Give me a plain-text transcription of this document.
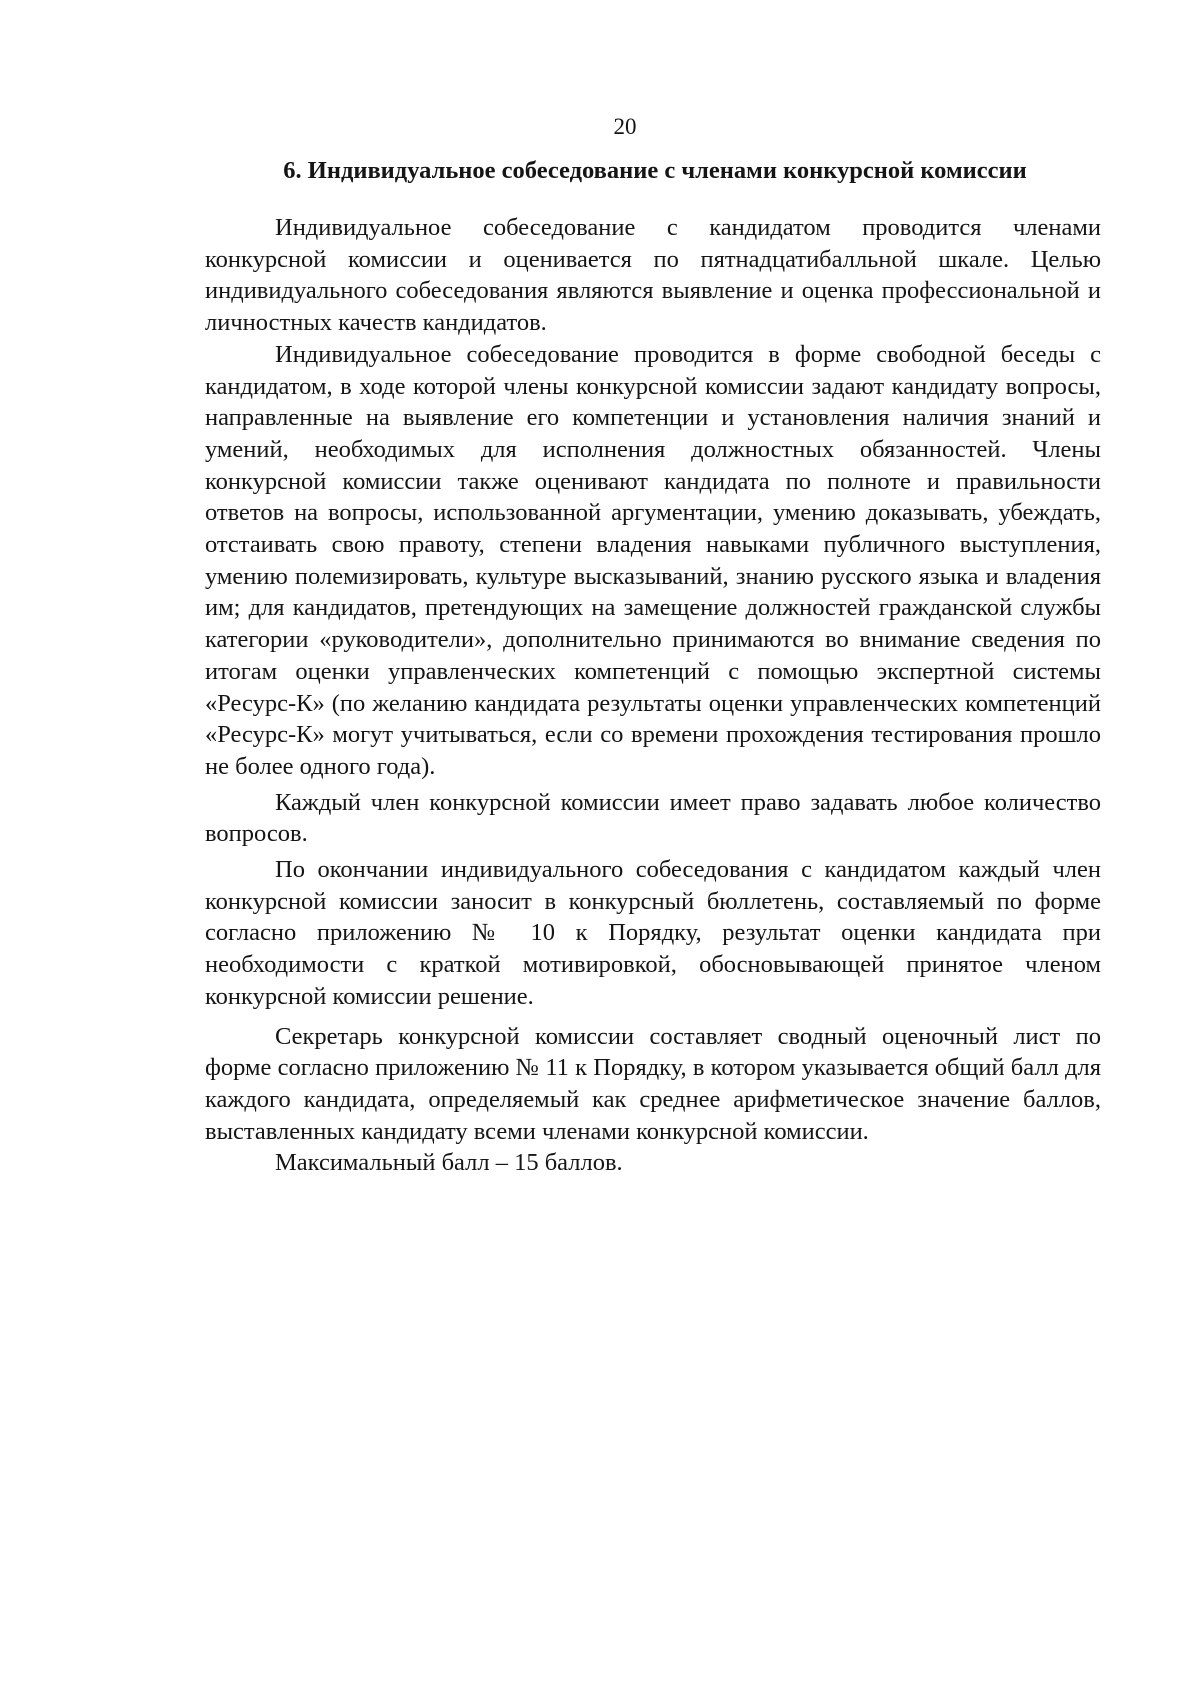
20
6. Индивидуальное собеседование с членами конкурсной комиссии

Индивидуальное собеседование с кандидатом проводится членами конкурсной комиссии и оценивается по пятнадцатибалльной шкале. Целью индивидуального собеседования являются выявление и оценка профессиональной и личностных качеств кандидатов.

Индивидуальное собеседование проводится в форме свободной беседы с кандидатом, в ходе которой члены конкурсной комиссии задают кандидату вопросы, направленные на выявление его компетенции и установления наличия знаний и умений, необходимых для исполнения должностных обязанностей. Члены конкурсной комиссии также оценивают кандидата по полноте и правильности ответов на вопросы, использованной аргументации, умению доказывать, убеждать, отстаивать свою правоту, степени владения навыками публичного выступления, умению полемизировать, культуре высказываний, знанию русского языка и владения им; для кандидатов, претендующих на замещение должностей гражданской службы категории «руководители», дополнительно принимаются во внимание сведения по итогам оценки управленческих компетенций с помощью экспертной системы «Ресурс-К» (по желанию кандидата результаты оценки управленческих компетенций «Ресурс-К» могут учитываться, если со времени прохождения тестирования прошло не более одного года).

Каждый член конкурсной комиссии имеет право задавать любое количество вопросов.

По окончании индивидуального собеседования с кандидатом каждый член конкурсной комиссии заносит в конкурсный бюллетень, составляемый по форме согласно приложению № 10 к Порядку, результат оценки кандидата при необходимости с краткой мотивировкой, обосновывающей принятое членом конкурсной комиссии решение.

Секретарь конкурсной комиссии составляет сводный оценочный лист по форме согласно приложению № 11 к Порядку, в котором указывается общий балл для каждого кандидата, определяемый как среднее арифметическое значение баллов, выставленных кандидату всеми членами конкурсной комиссии.

Максимальный балл – 15 баллов.
